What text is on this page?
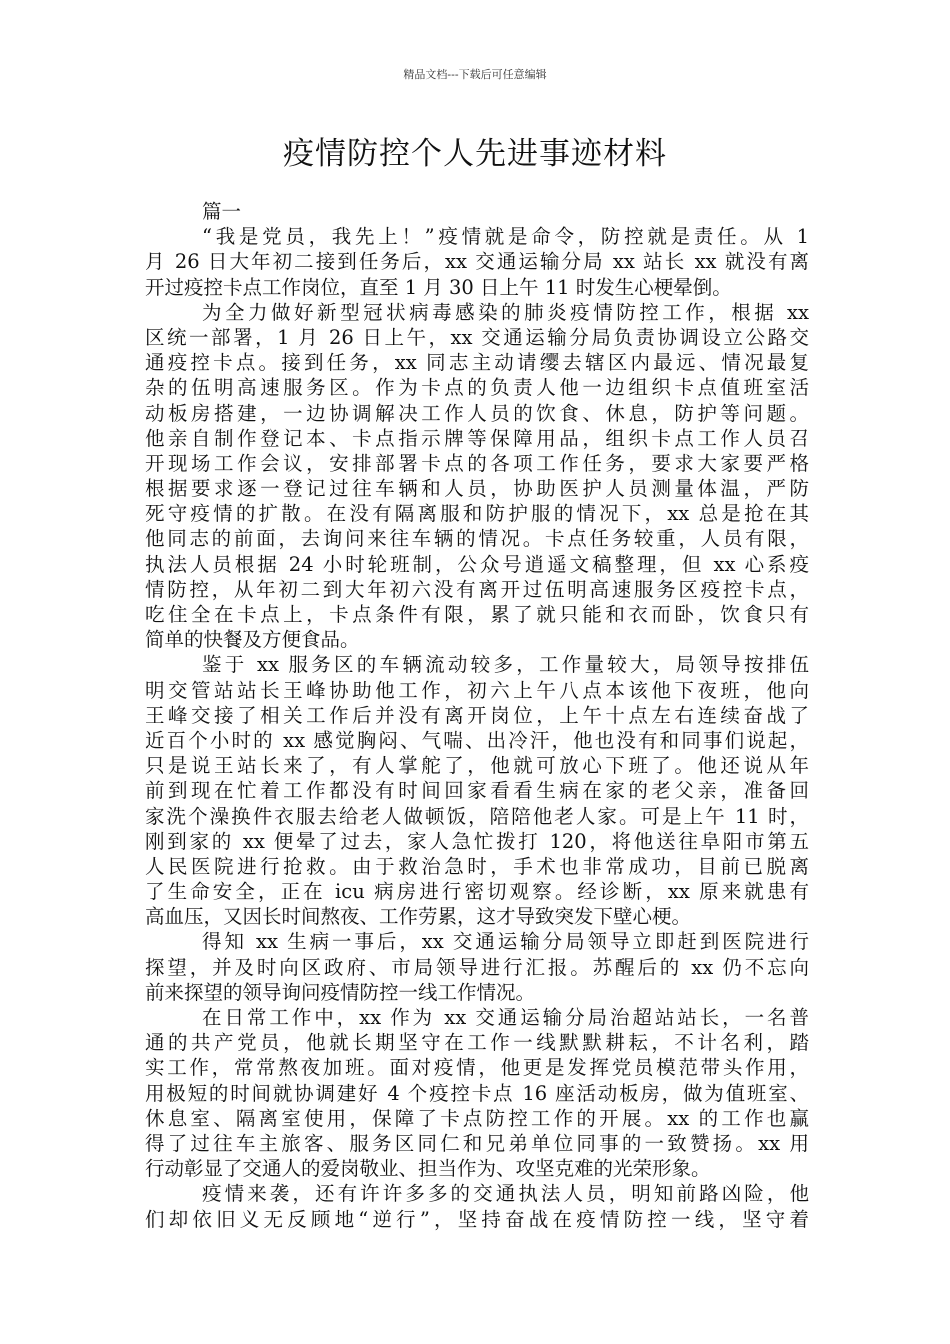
精品文档---下载后可任意编辑
疫情防控个人先进事迹材料
篇一
“我是党员，我先上！”疫情就是命令，防控就是责任。从 1
月 26 日大年初二接到任务后，xx 交通运输分局 xx 站长 xx 就没有离
开过疫控卡点工作岗位，直至 1 月 30 日上午 11 时发生心梗晕倒。
为全力做好新型冠状病毒感染的肺炎疫情防控工作，根据 xx
区统一部署，1 月 26 日上午，xx 交通运输分局负责协调设立公路交
通疫控卡点。接到任务，xx 同志主动请缨去辖区内最远、情况最复
杂的伍明高速服务区。作为卡点的负责人他一边组织卡点值班室活
动板房搭建，一边协调解决工作人员的饮食、休息，防护等问题。
他亲自制作登记本、卡点指示牌等保障用品，组织卡点工作人员召
开现场工作会议，安排部署卡点的各项工作任务，要求大家要严格
根据要求逐一登记过往车辆和人员，协助医护人员测量体温，严防
死守疫情的扩散。在没有隔离服和防护服的情况下，xx 总是抢在其
他同志的前面，去询问来往车辆的情况。卡点任务较重，人员有限，
执法人员根据 24 小时轮班制，公众号逍遥文稿整理，但 xx 心系疫
情防控，从年初二到大年初六没有离开过伍明高速服务区疫控卡点，
吃住全在卡点上，卡点条件有限，累了就只能和衣而卧，饮食只有
简单的快餐及方便食品。
鉴于 xx 服务区的车辆流动较多，工作量较大，局领导按排伍
明交管站站长王峰协助他工作，初六上午八点本该他下夜班，他向
王峰交接了相关工作后并没有离开岗位，上午十点左右连续奋战了
近百个小时的 xx 感觉胸闷、气喘、出冷汗，他也没有和同事们说起，
只是说王站长来了，有人掌舵了，他就可放心下班了。他还说从年
前到现在忙着工作都没有时间回家看看生病在家的老父亲，准备回
家洗个澡换件衣服去给老人做顿饭，陪陪他老人家。可是上午 11 时，
刚到家的 xx 便晕了过去，家人急忙拨打 120，将他送往阜阳市第五
人民医院进行抢救。由于救治急时，手术也非常成功，目前已脱离
了生命安全，正在 icu 病房进行密切观察。经诊断，xx 原来就患有
高血压，又因长时间熬夜、工作劳累，这才导致突发下壁心梗。
得知 xx 生病一事后，xx 交通运输分局领导立即赶到医院进行
探望，并及时向区政府、市局领导进行汇报。苏醒后的 xx 仍不忘向
前来探望的领导询问疫情防控一线工作情况。
在日常工作中，xx 作为 xx 交通运输分局治超站站长，一名普
通的共产党员，他就长期坚守在工作一线默默耕耘，不计名利，踏
实工作，常常熬夜加班。面对疫情，他更是发挥党员模范带头作用，
用极短的时间就协调建好 4 个疫控卡点 16 座活动板房，做为值班室、
休息室、隔离室使用，保障了卡点防控工作的开展。xx 的工作也赢
得了过往车主旅客、服务区同仁和兄弟单位同事的一致赞扬。xx 用
行动彰显了交通人的爱岗敬业、担当作为、攻坚克难的光荣形象。
疫情来袭，还有许许多多的交通执法人员，明知前路凶险，他
们却依旧义无反顾地“逆行”，坚持奋战在疫情防控一线，坚守着
